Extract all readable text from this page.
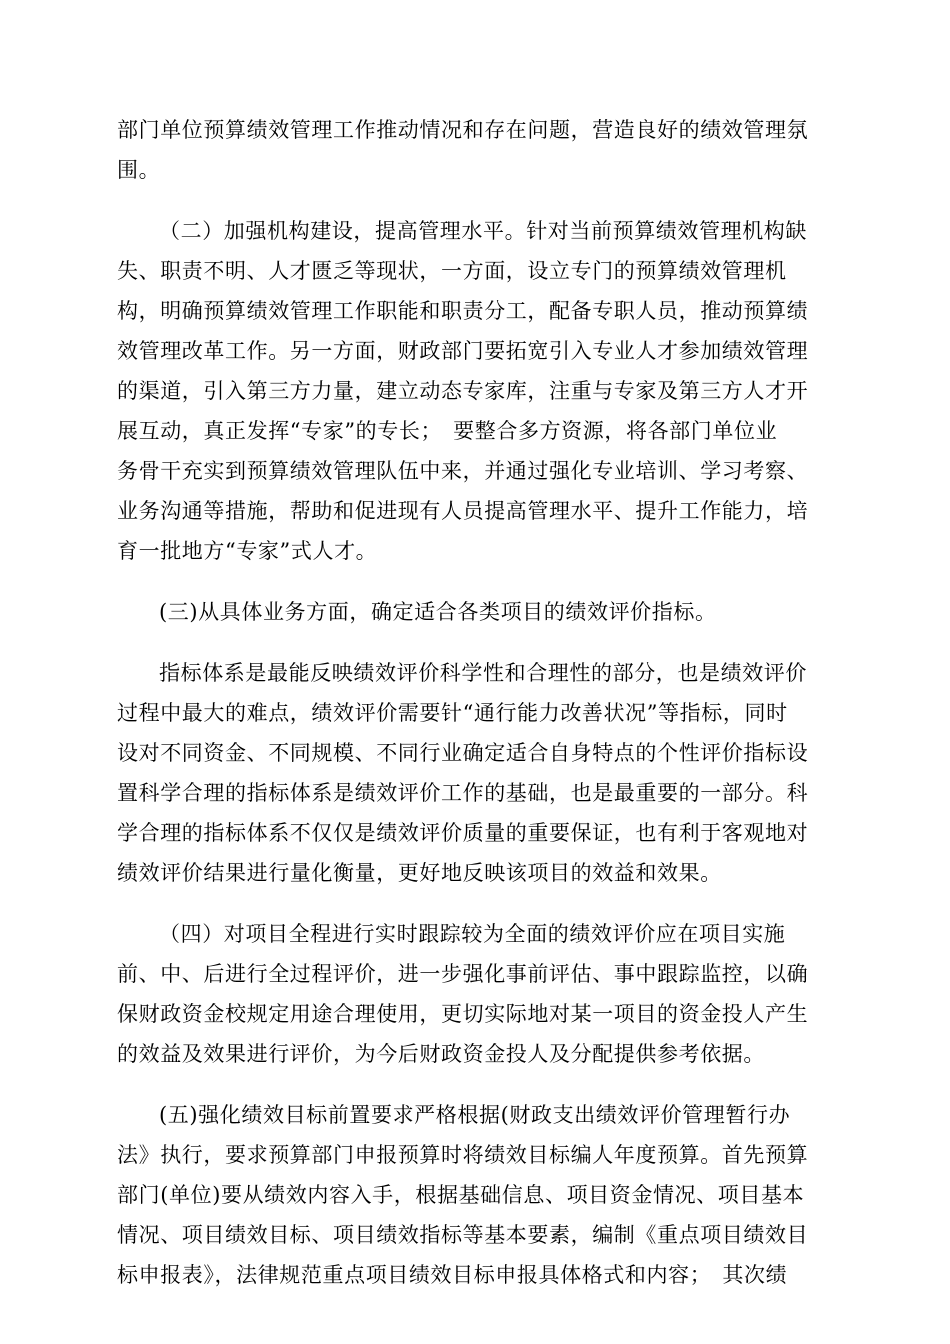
部门单位预算绩效管理工作推动情况和存在问题，营造良好的绩效管理氛
围。

（二）加强机构建设，提高管理水平。针对当前预算绩效管理机构缺
失、职责不明、人才匮乏等现状，一方面，设立专门的预算绩效管理机
构，明确预算绩效管理工作职能和职责分工，配备专职人员，推动预算绩
效管理改革工作。另一方面，财政部门要拓宽引入专业人才参加绩效管理
的渠道，引入第三方力量，建立动态专家库，注重与专家及第三方人才开
展互动，真正发挥“专家”的专长；　要整合多方资源，将各部门单位业
务骨干充实到预算绩效管理队伍中来，并通过强化专业培训、学习考察、
业务沟通等措施，帮助和促进现有人员提高管理水平、提升工作能力，培
育一批地方“专家”式人才。

(三)从具体业务方面，确定适合各类项目的绩效评价指标。

指标体系是最能反映绩效评价科学性和合理性的部分，也是绩效评价
过程中最大的难点，绩效评价需要针“通行能力改善状况”等指标，同时
设对不同资金、不同规模、不同行业确定适合自身特点的个性评价指标设
置科学合理的指标体系是绩效评价工作的基础，也是最重要的一部分。科
学合理的指标体系不仅仅是绩效评价质量的重要保证，也有利于客观地对
绩效评价结果进行量化衡量，更好地反映该项目的效益和效果。

（四）对项目全程进行实时跟踪较为全面的绩效评价应在项目实施
前、中、后进行全过程评价，进一步强化事前评估、事中跟踪监控，以确
保财政资金校规定用途合理使用，更切实际地对某一项目的资金投人产生
的效益及效果进行评价，为今后财政资金投人及分配提供参考依据。

(五)强化绩效目标前置要求严格根据(财政支出绩效评价管理暂行办
法》执行，要求预算部门申报预算时将绩效目标编人年度预算。首先预算
部门(单位)要从绩效内容入手，根据基础信息、项目资金情况、项目基本
情况、项目绩效目标、项目绩效指标等基本要素，编制《重点项目绩效目
标申报表》，法律规范重点项目绩效目标申报具体格式和内容；　其次绩
